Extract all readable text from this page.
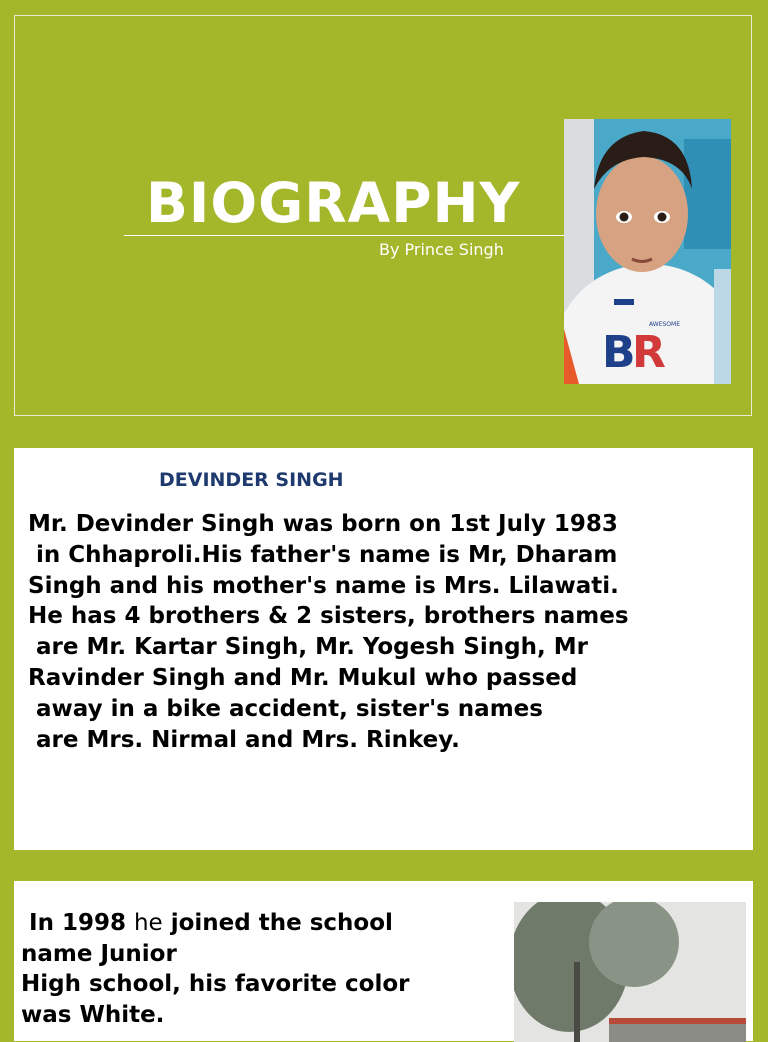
BIOGRAPHY
By Prince Singh
AWESOME
B
R
DEVINDER SINGH
Mr. Devinder Singh was born on 1st July 1983
in Chhaproli.His father's name is Mr, Dharam
Singh and his mother's name is Mrs. Lilawati.
He has 4 brothers & 2 sisters, brothers names
are Mr. Kartar Singh, Mr. Yogesh Singh, Mr
Ravinder Singh and Mr. Mukul who passed
away in a bike accident, sister's names
are Mrs. Nirmal and Mrs. Rinkey.
In 1998 he joined the school
name Junior
High school, his favorite color
was White.
